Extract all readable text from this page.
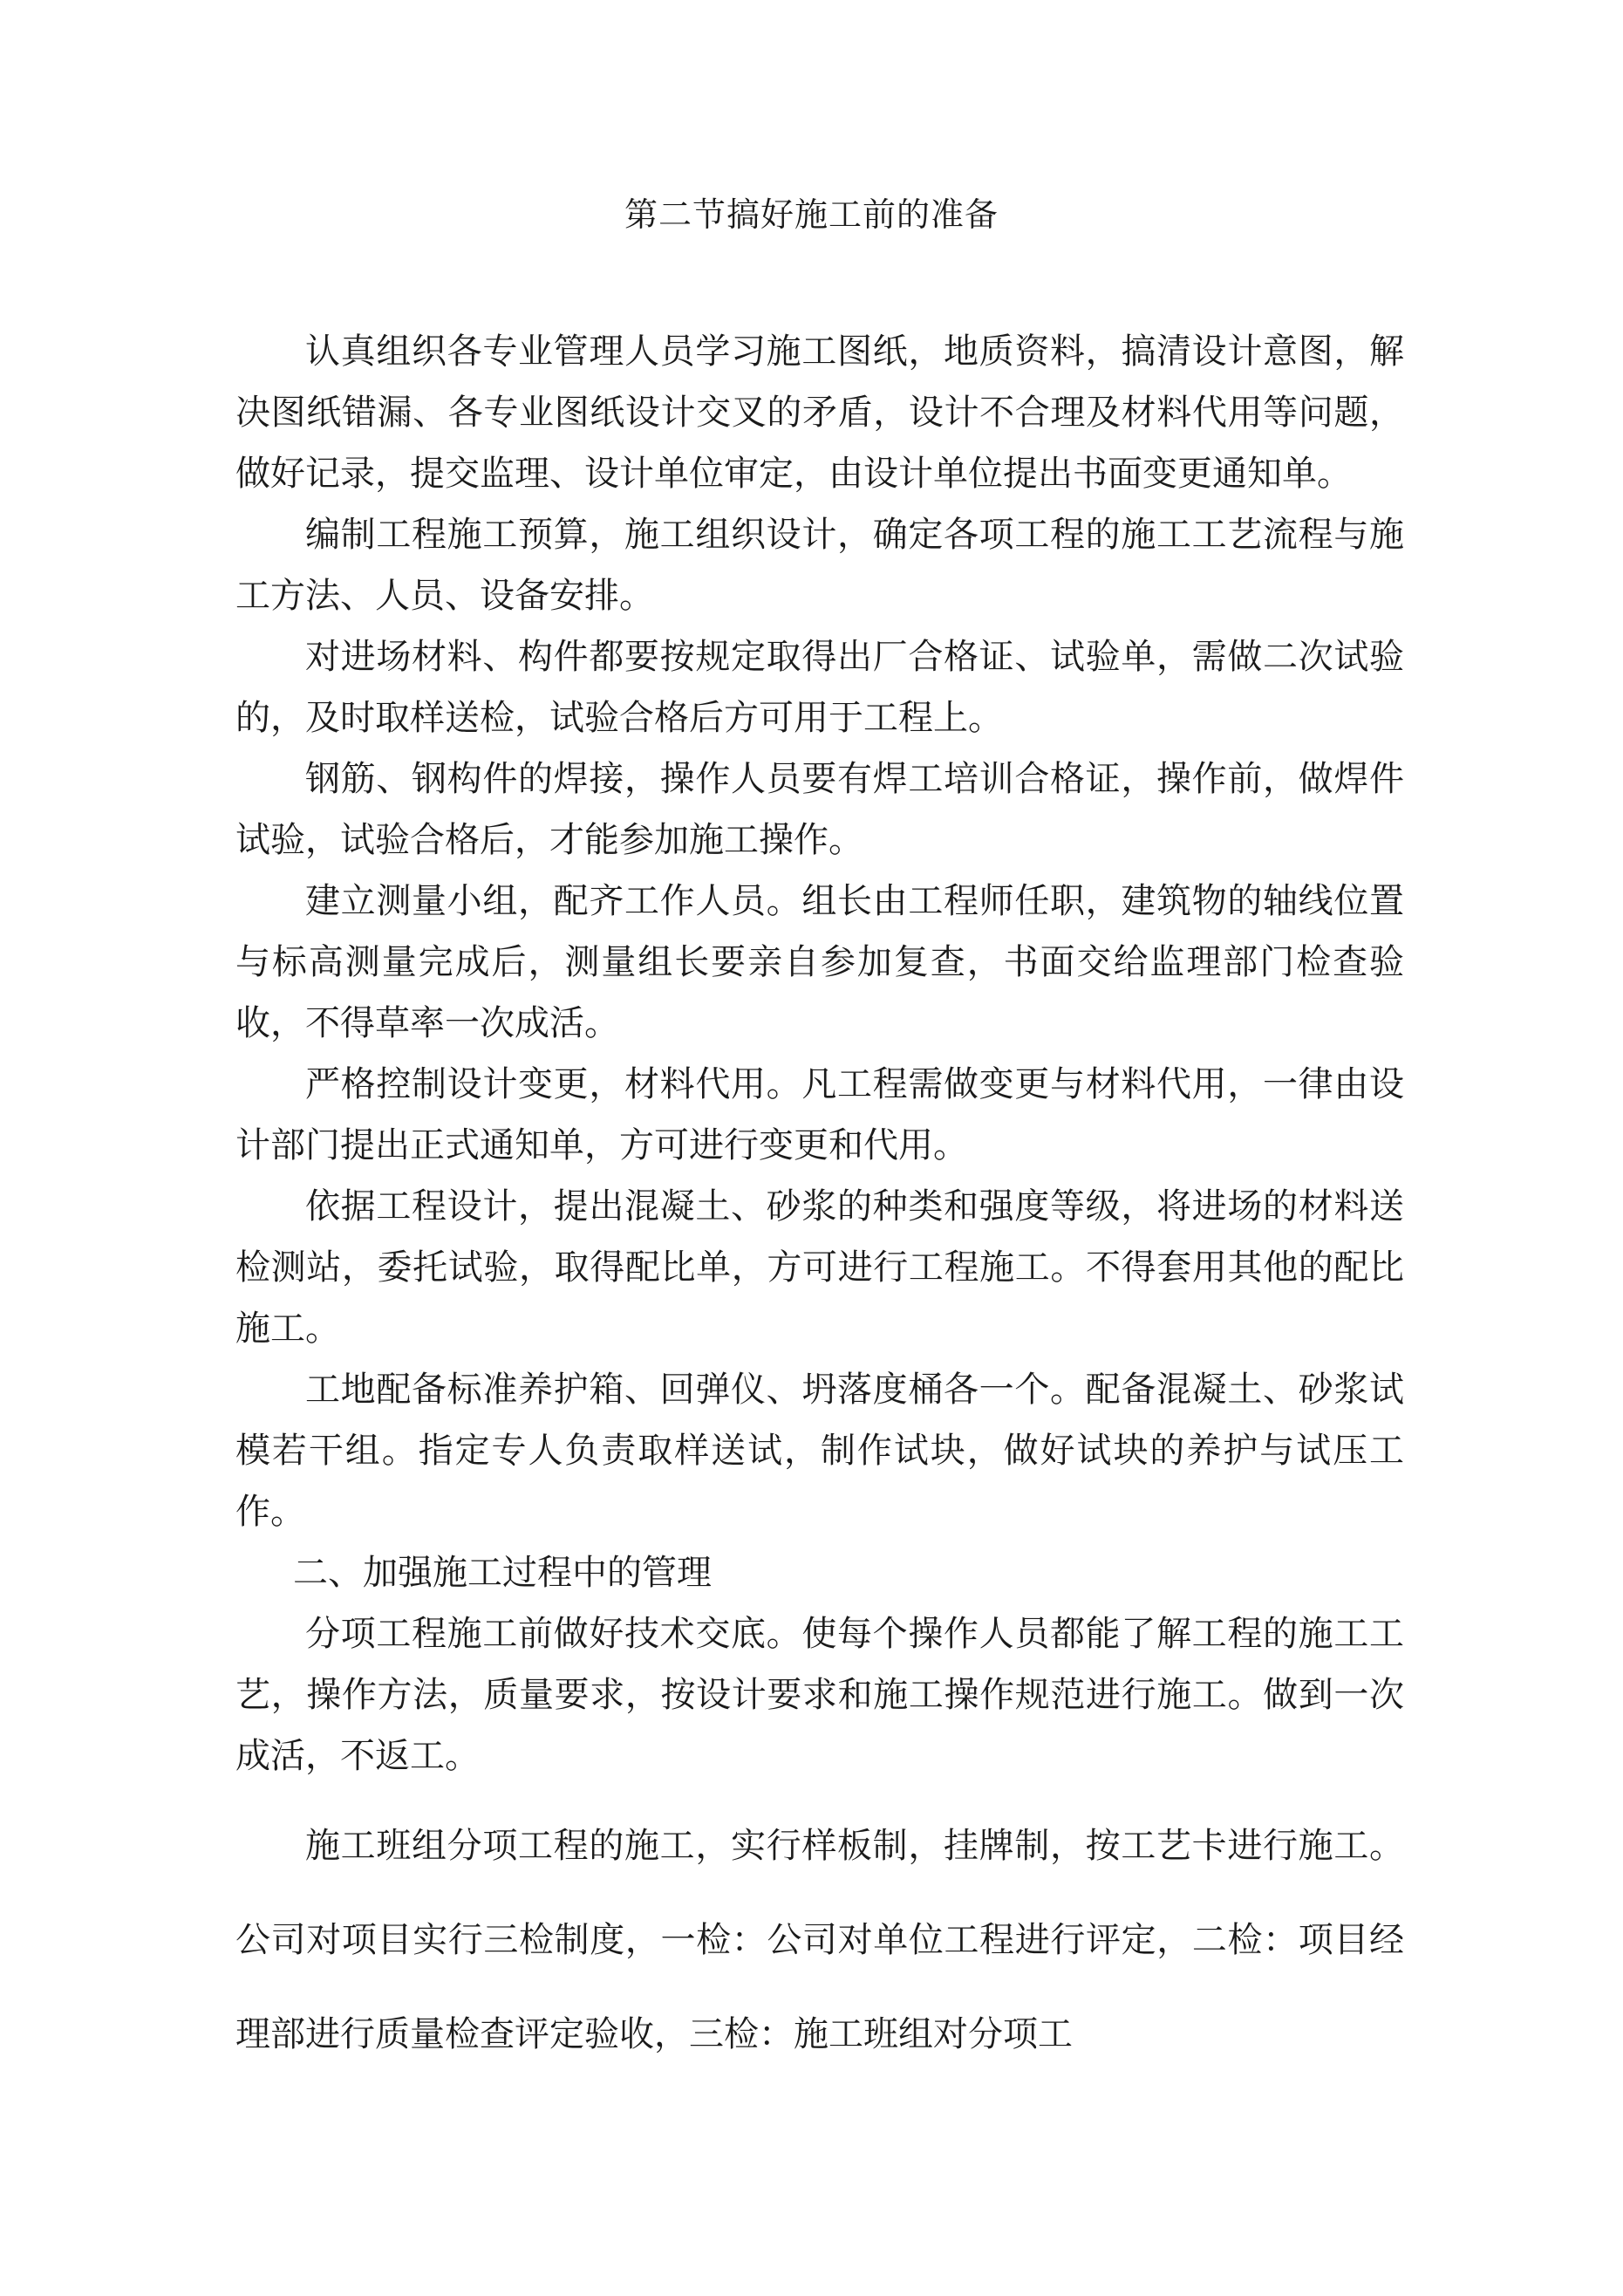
第二节搞好施工前的准备

认真组织各专业管理人员学习施工图纸，地质资料，搞清设计意图，解决图纸错漏、各专业图纸设计交叉的矛盾，设计不合理及材料代用等问题，做好记录，提交监理、设计单位审定，由设计单位提出书面变更通知单。

编制工程施工预算，施工组织设计，确定各项工程的施工工艺流程与施工方法、人员、设备安排。

对进场材料、构件都要按规定取得出厂合格证、试验单，需做二次试验的，及时取样送检，试验合格后方可用于工程上。

钢筋、钢构件的焊接，操作人员要有焊工培训合格证，操作前，做焊件试验，试验合格后，才能参加施工操作。

建立测量小组，配齐工作人员。组长由工程师任职，建筑物的轴线位置与标高测量完成后，测量组长要亲自参加复查，书面交给监理部门检查验收，不得草率一次成活。

严格控制设计变更，材料代用。凡工程需做变更与材料代用，一律由设计部门提出正式通知单，方可进行变更和代用。

依据工程设计，提出混凝土、砂浆的种类和强度等级，将进场的材料送检测站，委托试验，取得配比单，方可进行工程施工。不得套用其他的配比施工。

工地配备标准养护箱、回弹仪、坍落度桶各一个。配备混凝土、砂浆试模若干组。指定专人负责取样送试，制作试块，做好试块的养护与试压工作。

二、加强施工过程中的管理

分项工程施工前做好技术交底。使每个操作人员都能了解工程的施工工艺，操作方法，质量要求，按设计要求和施工操作规范进行施工。做到一次成活，不返工。

施工班组分项工程的施工，实行样板制，挂牌制，按工艺卡进行施工。公司对项目实行三检制度，一检：公司对单位工程进行评定，二检：项目经理部进行质量检查评定验收，三检：施工班组对分项工
